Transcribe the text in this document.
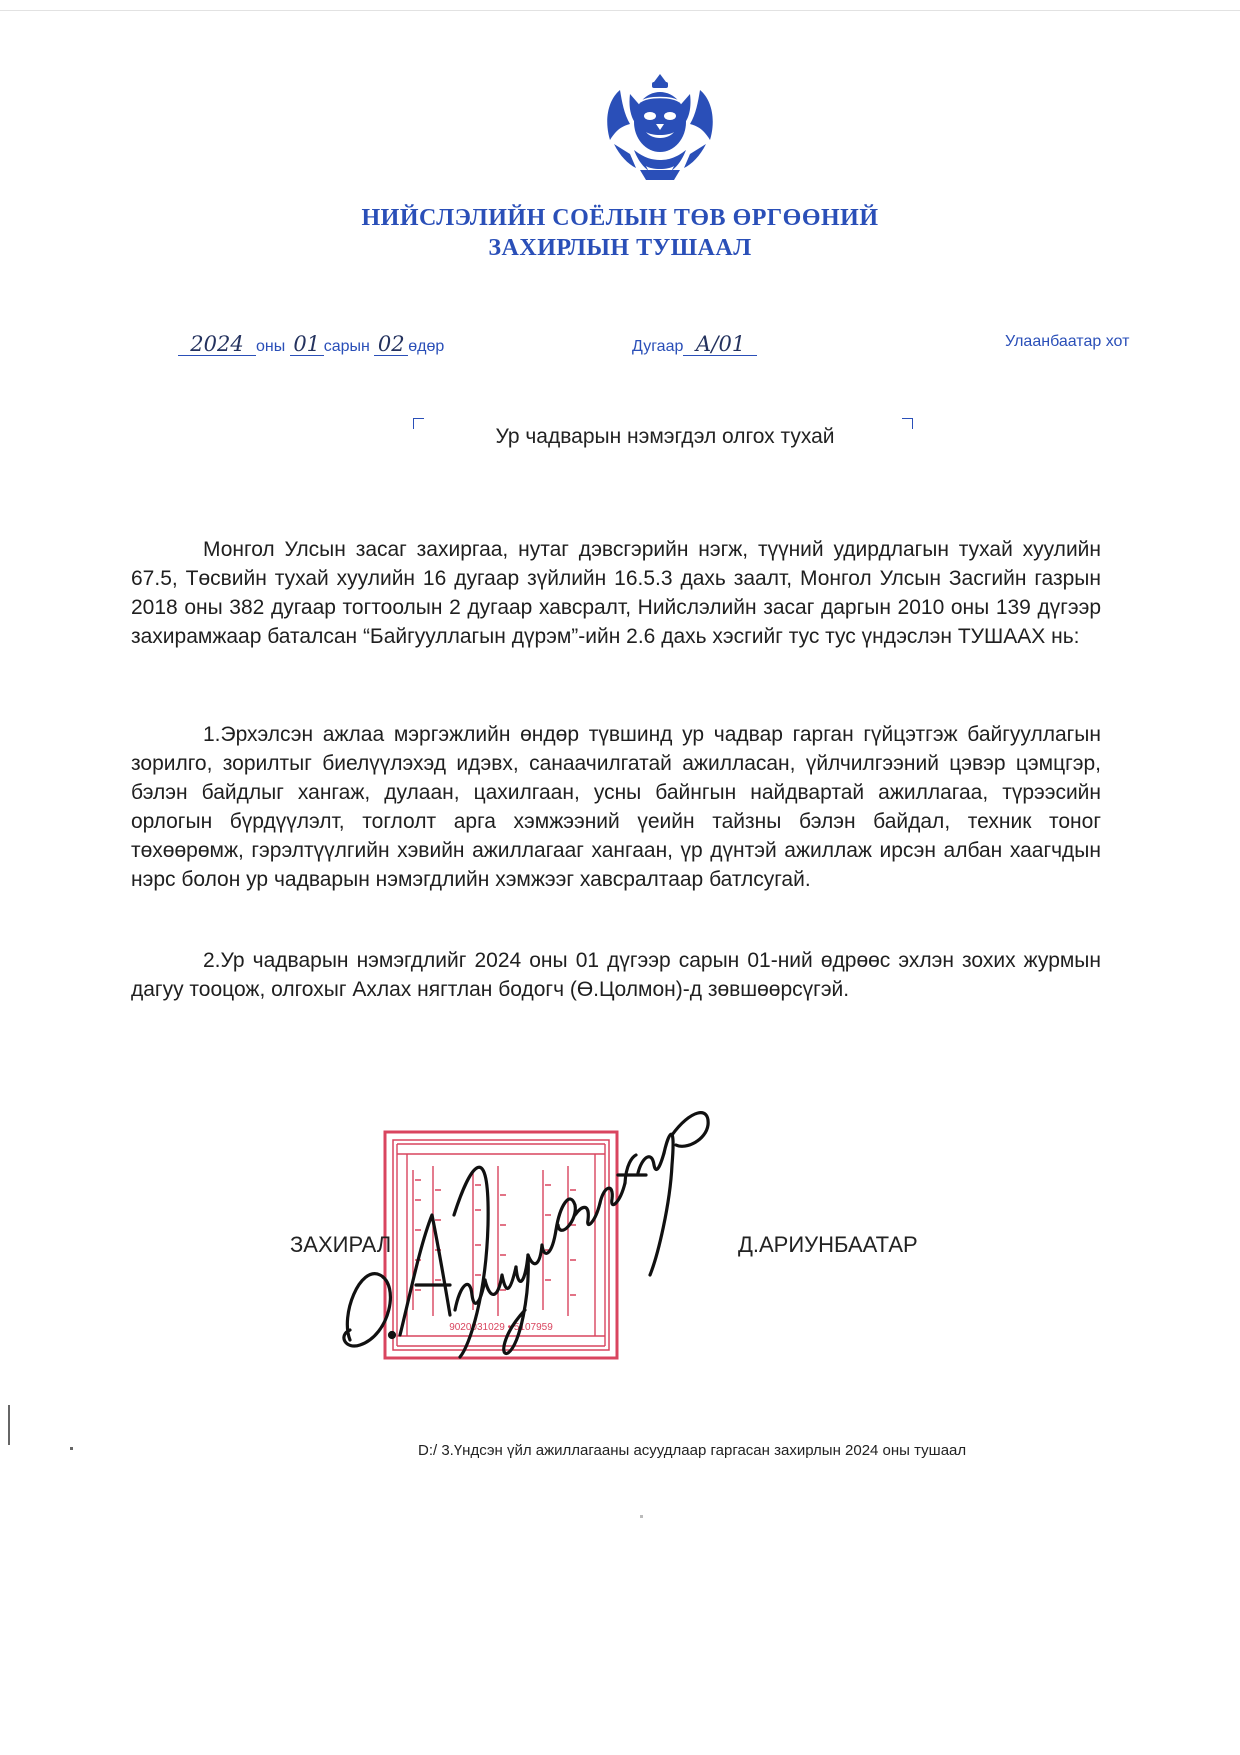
НИЙСЛЭЛИЙН СОЁЛЫН ТӨВ ӨРГӨӨНИЙ
ЗАХИРЛЫН ТУШААЛ
2024 оны 01 сарын 02 өдөр	Дугаар А/01	Улаанбаатар хот
Ур чадварын нэмэгдэл олгох тухай

Монгол Улсын засаг захиргаа, нутаг дэвсгэрийн нэгж, түүний удирдлагын тухай хуулийн 67.5, Төсвийн тухай хуулийн 16 дугаар зүйлийн 16.5.3 дахь заалт, Монгол Улсын Засгийн газрын 2018 оны 382 дугаар тогтоолын 2 дугаар хавсралт, Нийслэлийн засаг даргын 2010 оны 139 дүгээр захирамжаар баталсан “Байгууллагын дүрэм”-ийн 2.6 дахь хэсгийг тус тус үндэслэн ТУШААХ нь:

1.Эрхэлсэн ажлаа мэргэжлийн өндөр түвшинд ур чадвар гарган гүйцэтгэж байгууллагын зорилго, зорилтыг биелүүлэхэд идэвх, санаачилгатай ажилласан, үйлчилгээний цэвэр цэмцгэр, бэлэн байдлыг хангаж, дулаан, цахилгаан, усны байнгын найдвартай ажиллагаа, түрээсийн орлогын бүрдүүлэлт, тоглолт арга хэмжээний үеийн тайзны бэлэн байдал, техник тоног төхөөрөмж, гэрэлтүүлгийн хэвийн ажиллагааг хангаан, үр дүнтэй ажиллаж ирсэн албан хаагчдын нэрс болон ур чадварын нэмэгдлийн хэмжээг хавсралтаар батлсугай.

2.Ур чадварын нэмэгдлийг 2024 оны 01 дүгээр сарын 01-ний өдрөөс эхлэн зохих журмын дагуу тооцож, олгохыг Ахлах нягтлан бодогч (Ө.Цолмон)-д зөвшөөрсүгэй.

9020031029 • 5107959
ЗАХИРАЛ	Д.АРИУНБААТАР
D:/ 3.Үндсэн үйл ажиллагааны асуудлаар гаргасан захирлын 2024 оны тушаал
